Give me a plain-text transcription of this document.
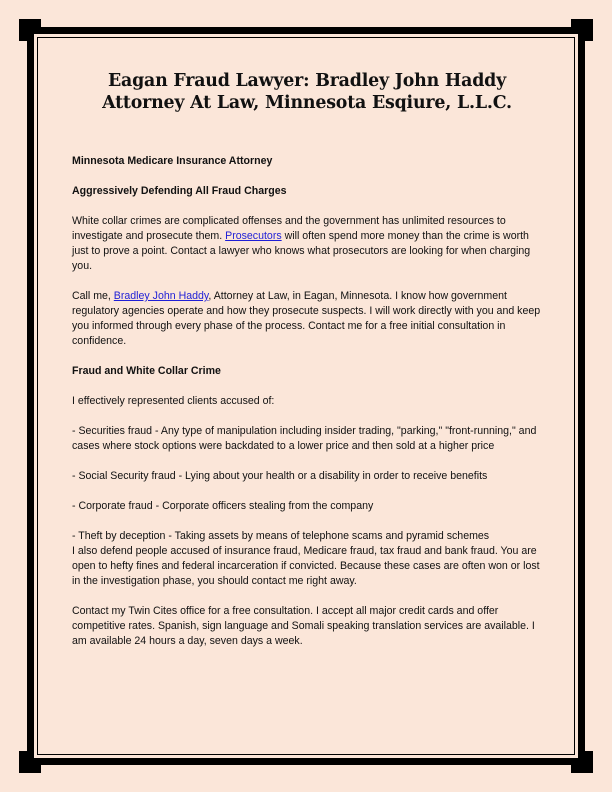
Eagan Fraud Lawyer: Bradley John Haddy Attorney At Law, Minnesota Esqiure, L.L.C.
Minnesota Medicare Insurance Attorney
Aggressively Defending All Fraud Charges

White collar crimes are complicated offenses and the government has unlimited resources to investigate and prosecute them. Prosecutors will often spend more money than the crime is worth just to prove a point. Contact a lawyer who knows what prosecutors are looking for when charging you.

Call me, Bradley John Haddy, Attorney at Law, in Eagan, Minnesota. I know how government regulatory agencies operate and how they prosecute suspects. I will work directly with you and keep you informed through every phase of the process. Contact me for a free initial consultation in confidence.

Fraud and White Collar Crime

I effectively represented clients accused of:

- Securities fraud - Any type of manipulation including insider trading, "parking," "front-running," and cases where stock options were backdated to a lower price and then sold at a higher price

- Social Security fraud - Lying about your health or a disability in order to receive benefits

- Corporate fraud - Corporate officers stealing from the company

- Theft by deception - Taking assets by means of telephone scams and pyramid schemes

I also defend people accused of insurance fraud, Medicare fraud, tax fraud and bank fraud. You are open to hefty fines and federal incarceration if convicted. Because these cases are often won or lost in the investigation phase, you should contact me right away.

Contact my Twin Cites office for a free consultation. I accept all major credit cards and offer competitive rates. Spanish, sign language and Somali speaking translation services are available. I am available 24 hours a day, seven days a week.
